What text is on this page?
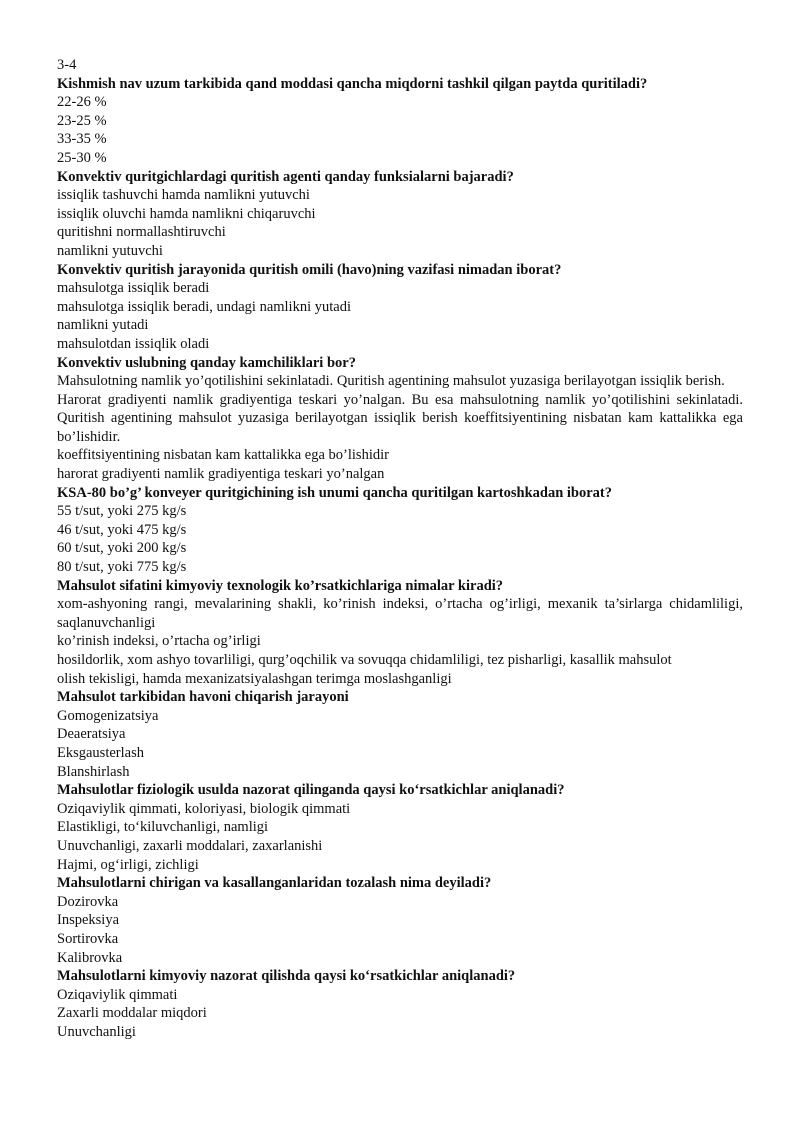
3-4

Kishmish nav uzum tarkibida qand moddasi qancha miqdorni tashkil qilgan paytda quritiladi?

22-26 %

23-25 %

33-35 %

25-30 %

Konvektiv quritgichlardagi quritish agenti qanday funksialarni bajaradi?

issiqlik tashuvchi hamda namlikni yutuvchi

issiqlik oluvchi hamda namlikni chiqaruvchi

quritishni normallashtiruvchi

namlikni yutuvchi

Konvektiv quritish jarayonida quritish omili (havo)ning vazifasi nimadan iborat?

mahsulotga issiqlik beradi

mahsulotga issiqlik beradi, undagi namlikni yutadi

namlikni yutadi

mahsulotdan issiqlik oladi

Konvektiv uslubning qanday kamchiliklari bor?

Mahsulotning namlik yo’qotilishini sekinlatadi. Quritish agentining mahsulot yuzasiga berilayotgan issiqlik berish.

Harorat gradiyenti namlik gradiyentiga teskari yo’nalgan. Bu esa mahsulotning namlik yo’qotilishini sekinlatadi. Quritish agentining mahsulot yuzasiga berilayotgan issiqlik berish koeffitsiyentining nisbatan kam kattalikka ega bo’lishidir.

koeffitsiyentining nisbatan kam kattalikka ega bo’lishidir

harorat gradiyenti namlik gradiyentiga teskari yo’nalgan

KSA-80 bo’g’ konveyer quritgichining ish unumi qancha quritilgan kartoshkadan iborat?

55 t/sut, yoki 275 kg/s

46 t/sut, yoki 475 kg/s

60 t/sut, yoki 200 kg/s

80 t/sut, yoki 775 kg/s

Mahsulot sifatini kimyoviy texnologik ko’rsatkichlariga nimalar kiradi?

xom-ashyoning rangi, mevalarining shakli, ko’rinish indeksi, o’rtacha og’irligi, mexanik ta’sirlarga chidamliligi, saqlanuvchanligi

ko’rinish indeksi, o’rtacha og’irligi

hosildorlik, xom ashyo tovarliligi, qurg’oqchilik va sovuqqa chidamliligi, tez pisharligi, kasallik mahsulot olish tekisligi, hamda mexanizatsiyalashgan terimga moslashganligi

Mahsulot tarkibidan havoni chiqarish jarayoni

Gomogenizatsiya

Deaeratsiya

Eksgausterlash

Blanshirlash

Mahsulotlar fiziologik usulda nazorat qilinganda qaysi ko‘rsatkichlar aniqlanadi?

Oziqaviylik qimmati, koloriyasi, biologik qimmati

Elastikligi, to‘kiluvchanligi, namligi

Unuvchanligi, zaxarli moddalari, zaxarlanishi

Hajmi, og‘irligi, zichligi

Mahsulotlarni chirigan va kasallanganlaridan tozalash nima deyiladi?

Dozirovka

Inspeksiya

Sortirovka

Kalibrovka

Mahsulotlarni kimyoviy nazorat qilishda qaysi ko‘rsatkichlar aniqlanadi?

Oziqaviylik qimmati

Zaxarli moddalar miqdori

Unuvchanligi
